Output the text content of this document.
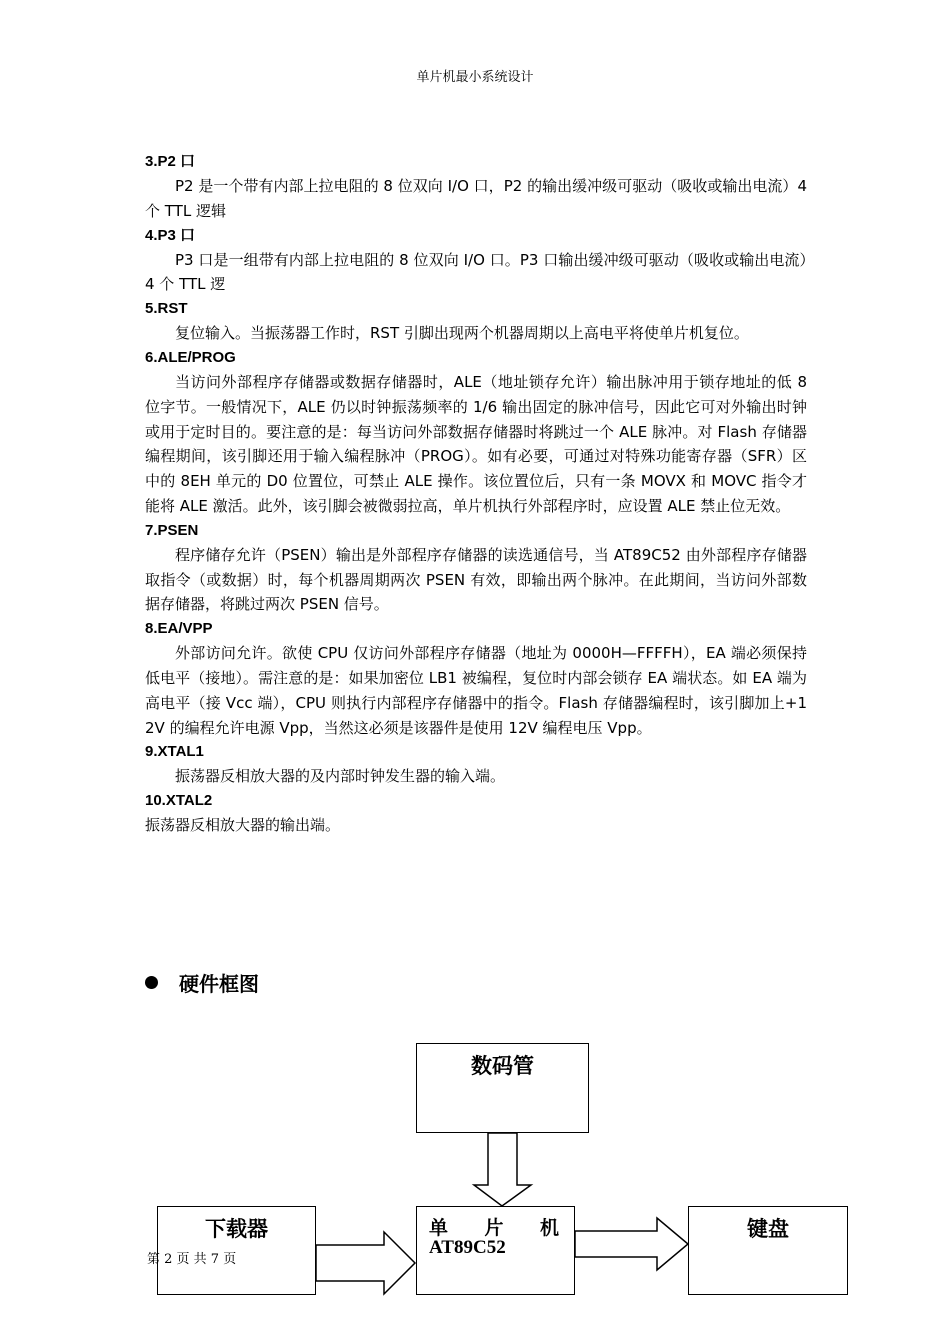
单片机最小系统设计
3.P2 口

P2 是一个带有内部上拉电阻的 8 位双向 I/O 口，P2 的输出缓冲级可驱动（吸收或输出电流）4 个 TTL 逻辑

4.P3 口

P3 口是一组带有内部上拉电阻的 8 位双向 I/O 口。P3 口输出缓冲级可驱动（吸收或输出电流）4 个 TTL 逻

5.RST

复位输入。当振荡器工作时，RST 引脚出现两个机器周期以上高电平将使单片机复位。

6.ALE/PROG

当访问外部程序存储器或数据存储器时，ALE（地址锁存允许）输出脉冲用于锁存地址的低 8 位字节。一般情况下，ALE 仍以时钟振荡频率的 1/6 输出固定的脉冲信号，因此它可对外输出时钟或用于定时目的。要注意的是：每当访问外部数据存储器时将跳过一个 ALE 脉冲。对 Flash 存储器编程期间，该引脚还用于输入编程脉冲（PROG）。如有必要，可通过对特殊功能寄存器（SFR）区中的 8EH 单元的 D0 位置位，可禁止 ALE 操作。该位置位后，只有一条 MOVX 和 MOVC 指令才能将 ALE 激活。此外，该引脚会被微弱拉高，单片机执行外部程序时，应设置 ALE 禁止位无效。

7.PSEN

程序储存允许（PSEN）输出是外部程序存储器的读选通信号，当 AT89C52 由外部程序存储器取指令（或数据）时，每个机器周期两次 PSEN 有效，即输出两个脉冲。在此期间，当访问外部数据存储器，将跳过两次 PSEN 信号。

8.EA/VPP

外部访问允许。欲使 CPU 仅访问外部程序存储器（地址为 0000H—FFFFH），EA 端必须保持低电平（接地）。需注意的是：如果加密位 LB1 被编程，复位时内部会锁存 EA 端状态。如 EA 端为高电平（接 Vcc 端），CPU 则执行内部程序存储器中的指令。Flash 存储器编程时，该引脚加上+12V 的编程允许电源 Vpp，当然这必须是该器件是使用 12V 编程电压 Vpp。

9.XTAL1

振荡器反相放大器的及内部时钟发生器的输入端。

10.XTAL2

振荡器反相放大器的输出端。

硬件框图
数码管
下载器	单 片 机
AT89C52
键盘
第 2 页 共 7 页
